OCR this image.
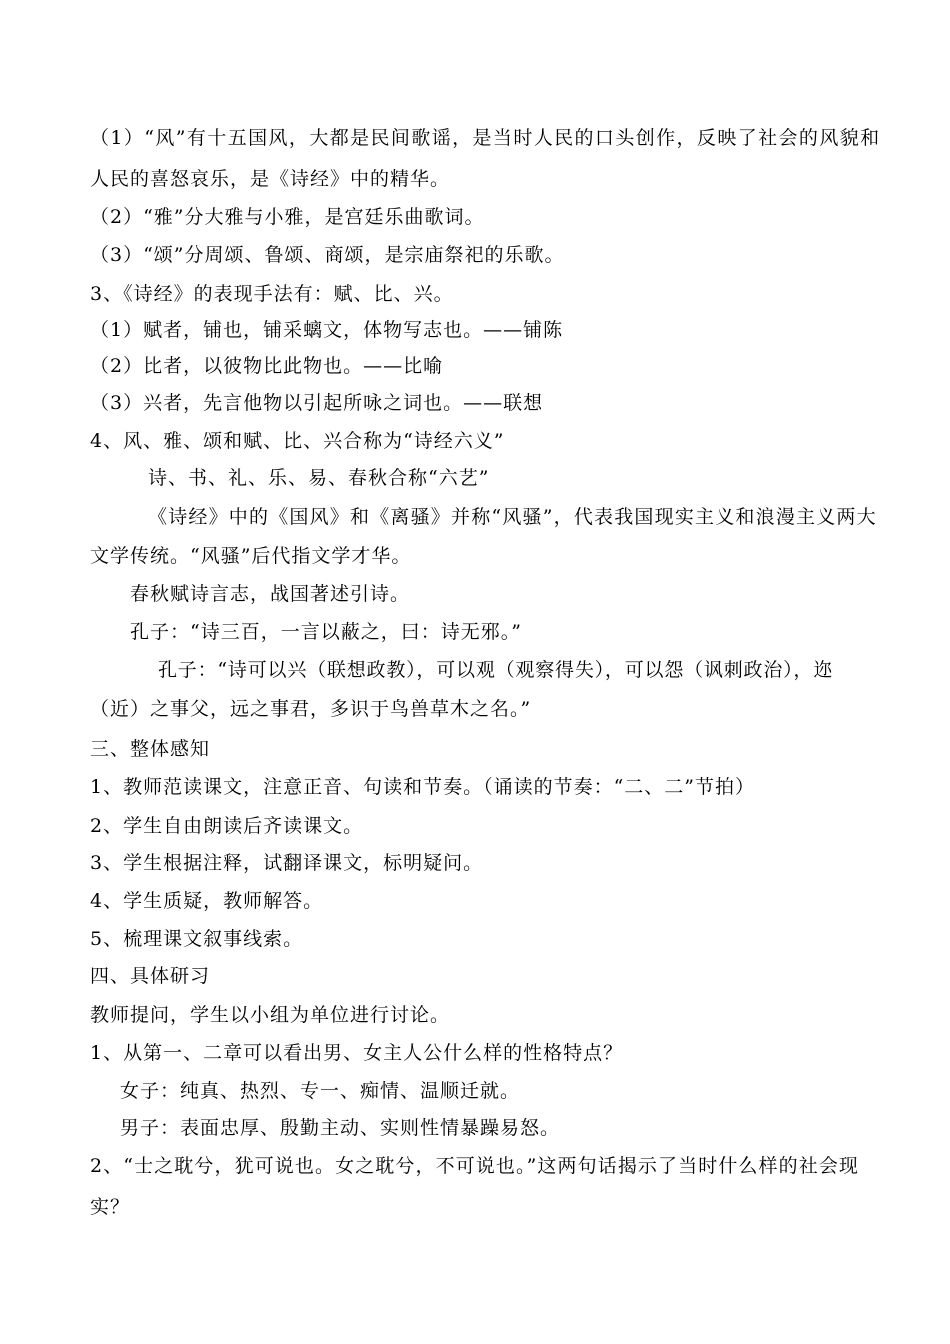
（1）“风”有十五国风，大都是民间歌谣，是当时人民的口头创作，反映了社会的风貌和
人民的喜怒哀乐，是《诗经》中的精华。
（2）“雅”分大雅与小雅，是宫廷乐曲歌词。
（3）“颂”分周颂、鲁颂、商颂，是宗庙祭祀的乐歌。
3、《诗经》的表现手法有：赋、比、兴。
（1）赋者，铺也，铺采螭文，体物写志也。——铺陈
（2）比者，以彼物比此物也。——比喻
（3）兴者，先言他物以引起所咏之词也。——联想
4、风、雅、颂和赋、比、兴合称为“诗经六义”
诗、书、礼、乐、易、春秋合称“六艺”
《诗经》中的《国风》和《离骚》并称“风骚”，代表我国现实主义和浪漫主义两大
文学传统。“风骚”后代指文学才华。
春秋赋诗言志，战国著述引诗。
孔子：“诗三百，一言以蔽之，曰：诗无邪。”
孔子：“诗可以兴（联想政教），可以观（观察得失），可以怨（讽刺政治），迩
（近）之事父，远之事君，多识于鸟兽草木之名。”
三、整体感知
1、教师范读课文，注意正音、句读和节奏。（诵读的节奏：“二、二”节拍）
2、学生自由朗读后齐读课文。
3、学生根据注释，试翻译课文，标明疑问。
4、学生质疑，教师解答。
5、梳理课文叙事线索。
四、具体研习
教师提问，学生以小组为单位进行讨论。
1、从第一、二章可以看出男、女主人公什么样的性格特点？
女子：纯真、热烈、专一、痴情、温顺迁就。
男子：表面忠厚、殷勤主动、实则性情暴躁易怒。
2、“士之耽兮，犹可说也。女之耽兮，不可说也。”这两句话揭示了当时什么样的社会现
实？
